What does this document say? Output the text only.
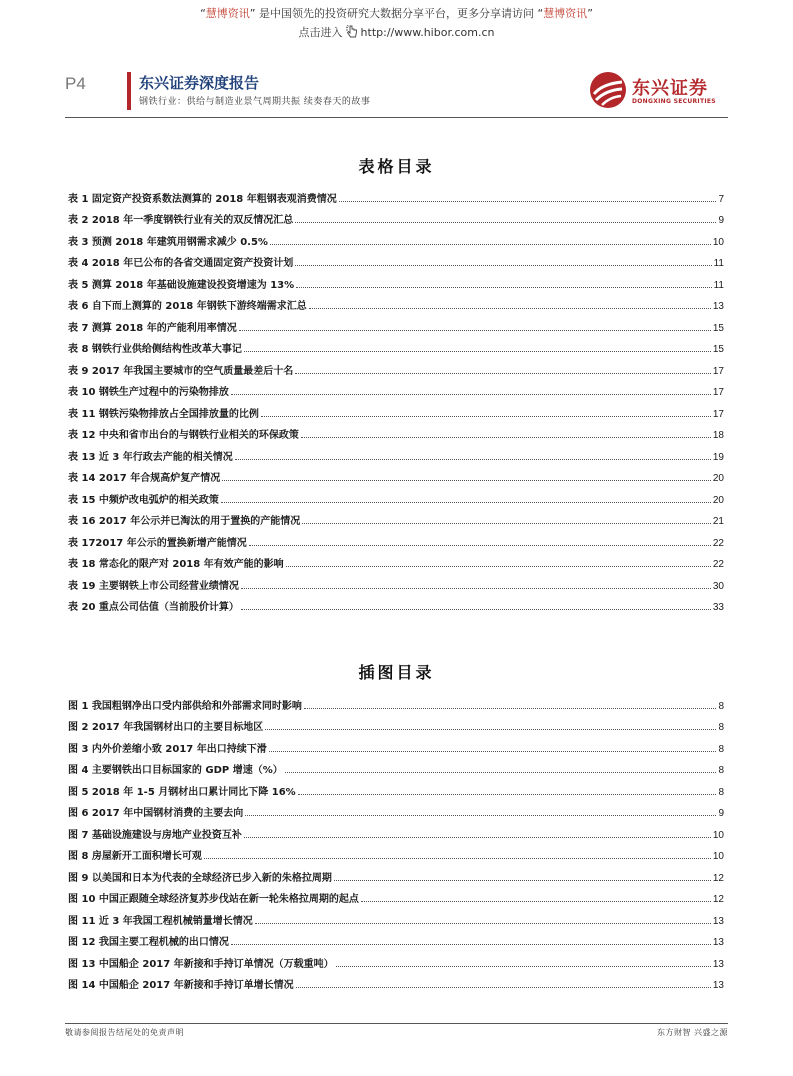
“慧博资讯” 是中国领先的投资研究大数据分享平台，更多分享请访问 “慧博资讯”
点击进入 http://www.hibor.com.cn
P4	东兴证券深度报告
钢铁行业：供给与制造业景气周期共振 续奏春天的故事
东兴证券
DONGXING SECURITIES
表格目录
表 1 固定资产投资系数法测算的 2018 年粗钢表观消费情况	7
表 2 2018 年一季度钢铁行业有关的双反情况汇总	9
表 3 预测 2018 年建筑用钢需求减少 0.5%	10
表 4 2018 年已公布的各省交通固定资产投资计划	11
表 5 测算 2018 年基础设施建设投资增速为 13%	11
表 6 自下而上测算的 2018 年钢铁下游终端需求汇总	13
表 7 测算 2018 年的产能利用率情况	15
表 8 钢铁行业供给侧结构性改革大事记	15
表 9 2017 年我国主要城市的空气质量最差后十名	17
表 10 钢铁生产过程中的污染物排放	17
表 11 钢铁污染物排放占全国排放量的比例	17
表 12 中央和省市出台的与钢铁行业相关的环保政策	18
表 13 近 3 年行政去产能的相关情况	19
表 14 2017 年合规高炉复产情况	20
表 15 中频炉改电弧炉的相关政策	20
表 16 2017 年公示并已淘汰的用于置换的产能情况	21
表 172017 年公示的置换新增产能情况	22
表 18 常态化的限产对 2018 年有效产能的影响	22
表 19 主要钢铁上市公司经营业绩情况	30
表 20 重点公司估值（当前股价计算）	33
插图目录
图 1 我国粗钢净出口受内部供给和外部需求同时影响	8
图 2 2017 年我国钢材出口的主要目标地区	8
图 3 内外价差缩小致 2017 年出口持续下滑	8
图 4 主要钢铁出口目标国家的 GDP 增速（%）	8
图 5 2018 年 1-5 月钢材出口累计同比下降 16%	8
图 6 2017 年中国钢材消费的主要去向	9
图 7 基础设施建设与房地产业投资互补	10
图 8 房屋新开工面积增长可观	10
图 9 以美国和日本为代表的全球经济已步入新的朱格拉周期	12
图 10 中国正跟随全球经济复苏步伐站在新一轮朱格拉周期的起点	12
图 11 近 3 年我国工程机械销量增长情况	13
图 12 我国主要工程机械的出口情况	13
图 13 中国船企 2017 年新接和手持订单情况（万载重吨）	13
图 14 中国船企 2017 年新接和手持订单增长情况	13
敬请参阅报告结尾处的免责声明	东方财智 兴盛之源
